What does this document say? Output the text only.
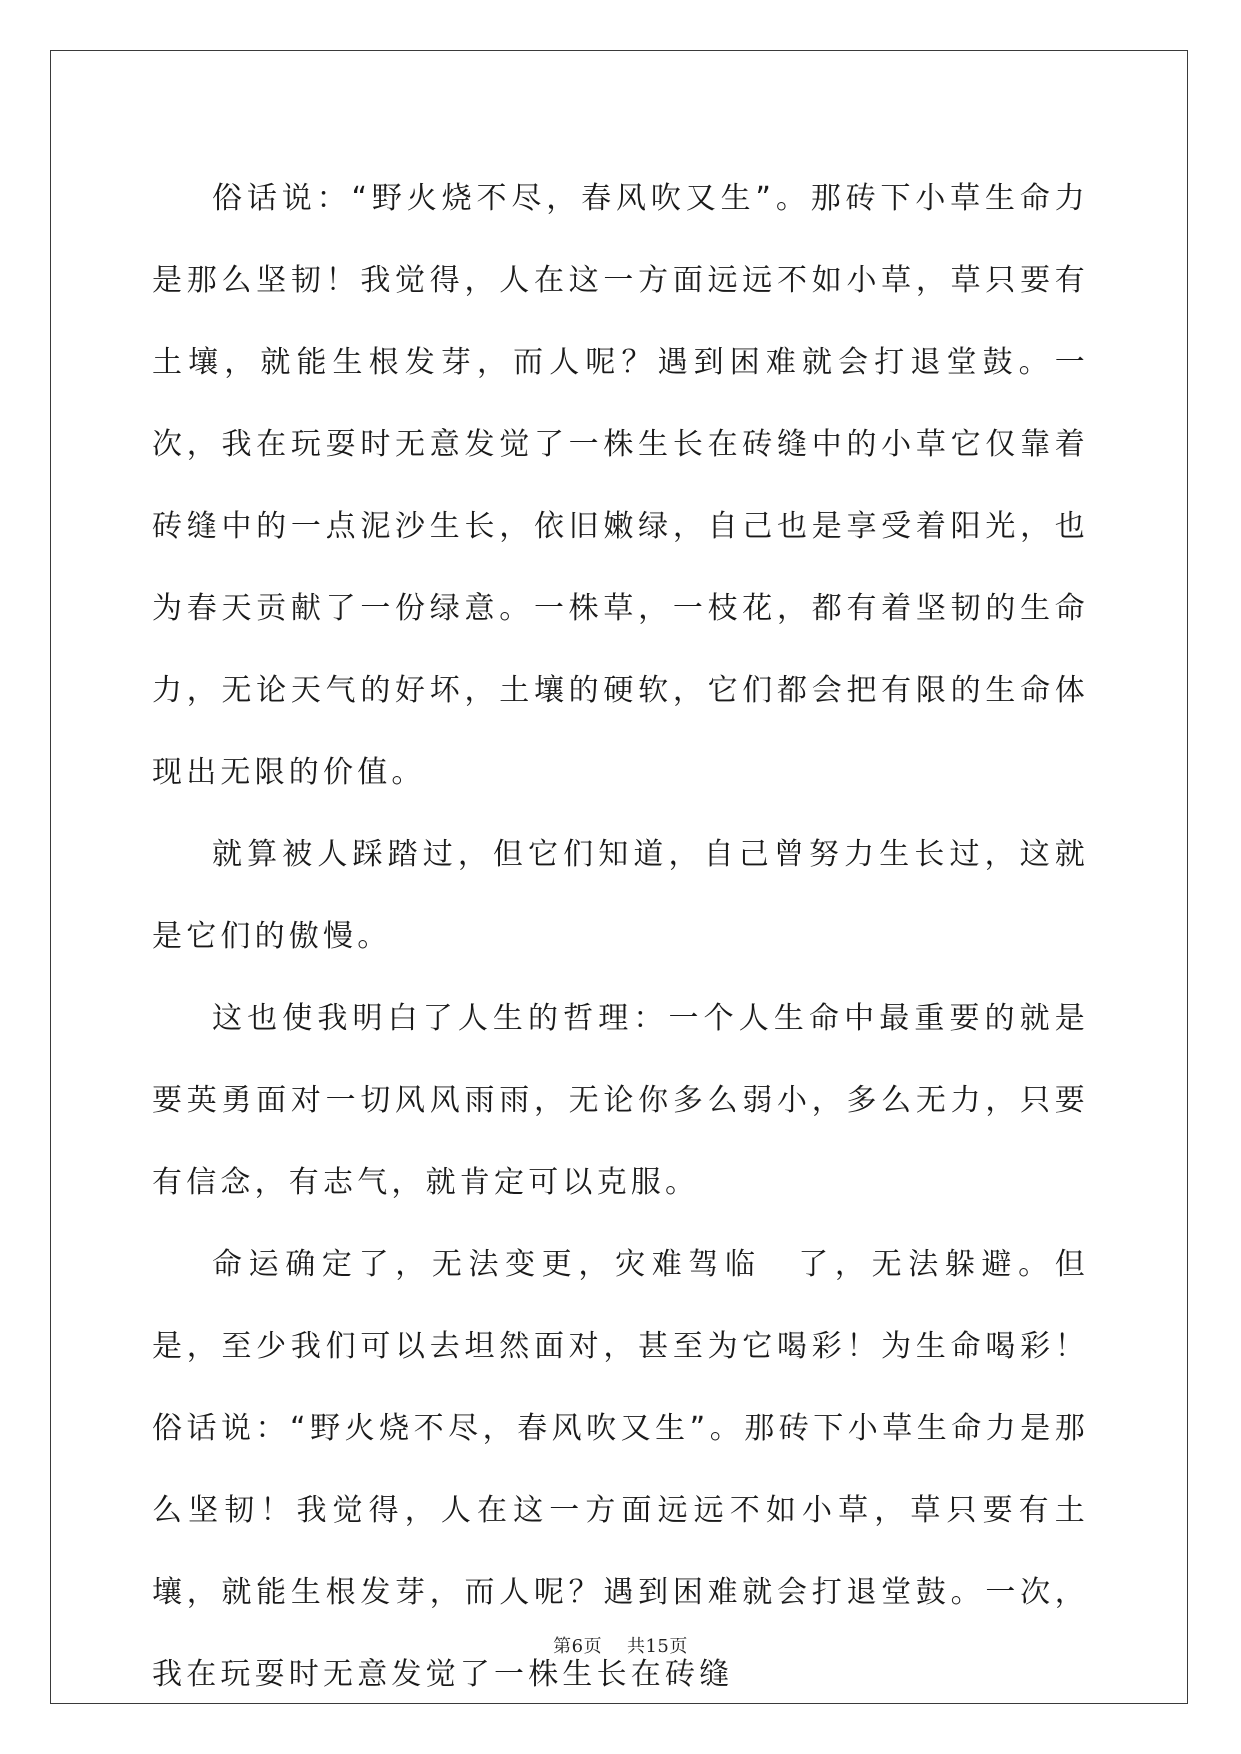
俗话说：“野火烧不尽，春风吹又生”。那砖下小草生命力是那么坚韧！我觉得，人在这一方面远远不如小草，草只要有土壤，就能生根发芽，而人呢？遇到困难就会打退堂鼓。一次，我在玩耍时无意发觉了一株生长在砖缝中的小草它仅靠着砖缝中的一点泥沙生长，依旧嫩绿，自己也是享受着阳光，也为春天贡献了一份绿意。一株草，一枝花，都有着坚韧的生命力，无论天气的好坏，土壤的硬软，它们都会把有限的生命体现出无限的价值。

就算被人踩踏过，但它们知道，自己曾努力生长过，这就是它们的傲慢。

这也使我明白了人生的哲理：一个人生命中最重要的就是要英勇面对一切风风雨雨，无论你多么弱小，多么无力，只要有信念，有志气，就肯定可以克服。

命运确定了，无法变更，灾难驾临　了，无法躲避。但是，至少我们可以去坦然面对，甚至为它喝彩！为生命喝彩！俗话说：“野火烧不尽，春风吹又生”。那砖下小草生命力是那么坚韧！我觉得，人在这一方面远远不如小草，草只要有土壤，就能生根发芽，而人呢？遇到困难就会打退堂鼓。一次，我在玩耍时无意发觉了一株生长在砖缝

第6页 共15页
